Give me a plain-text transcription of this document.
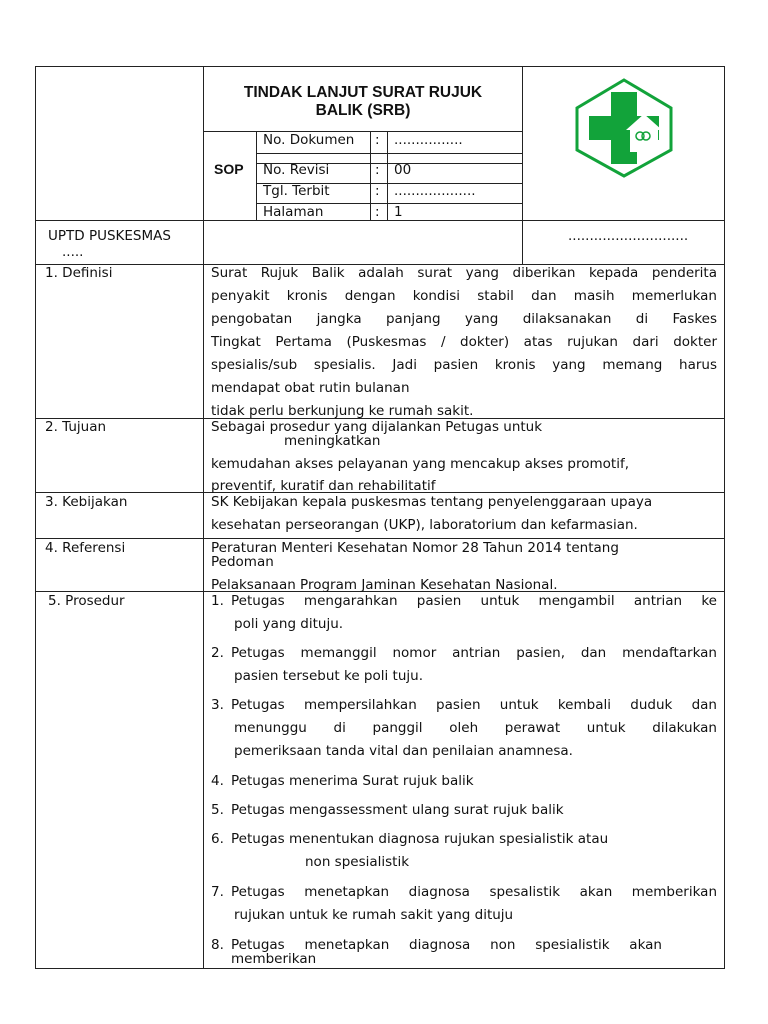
TINDAK LANJUT SURAT RUJUK
BALIK (SRB)
SOP
No. Dokumen : ................
No. Revisi	: 00
Tgl. Terbit	: ...................
Halaman	: 1
UPTD PUSKESMAS
.....
............................
1. Definisi	Surat Rujuk Balik adalah surat yang diberikan kepada penderita
penyakit kronis dengan kondisi stabil dan masih memerlukan
pengobatan jangka panjang yang dilaksanakan di Faskes
Tingkat Pertama (Puskesmas / dokter) atas rujukan dari dokter
spesialis/sub spesialis. Jadi pasien kronis yang memang harus
mendapat obat rutin bulanan
tidak perlu berkunjung ke rumah sakit.
2. Tujuan	Sebagai prosedur yang dijalankan Petugas untuk
meningkatkan
kemudahan akses pelayanan yang mencakup akses promotif,
preventif, kuratif dan rehabilitatif
3. Kebijakan	SK Kebijakan kepala puskesmas tentang penyelenggaraan upaya
kesehatan perseorangan (UKP), laboratorium dan kefarmasian.
4. Referensi	Peraturan Menteri Kesehatan Nomor 28 Tahun 2014 tentang
Pedoman
Pelaksanaan Program Jaminan Kesehatan Nasional.
5. Prosedur	1. Petugas mengarahkan pasien untuk mengambil antrian ke
poli yang dituju.
2. Petugas memanggil nomor antrian pasien, dan mendaftarkan
pasien tersebut ke poli tuju.
3. Petugas mempersilahkan pasien untuk kembali duduk dan
menunggu di panggil oleh perawat untuk dilakukan
pemeriksaan tanda vital dan penilaian anamnesa.
4. Petugas menerima Surat rujuk balik
5. Petugas mengassessment ulang surat rujuk balik
6. Petugas menentukan diagnosa rujukan spesialistik atau
non spesialistik
7. Petugas menetapkan diagnosa spesalistik akan memberikan
rujukan untuk ke rumah sakit yang dituju
8. Petugas menetapkan diagnosa non spesialistik akan
memberikan
